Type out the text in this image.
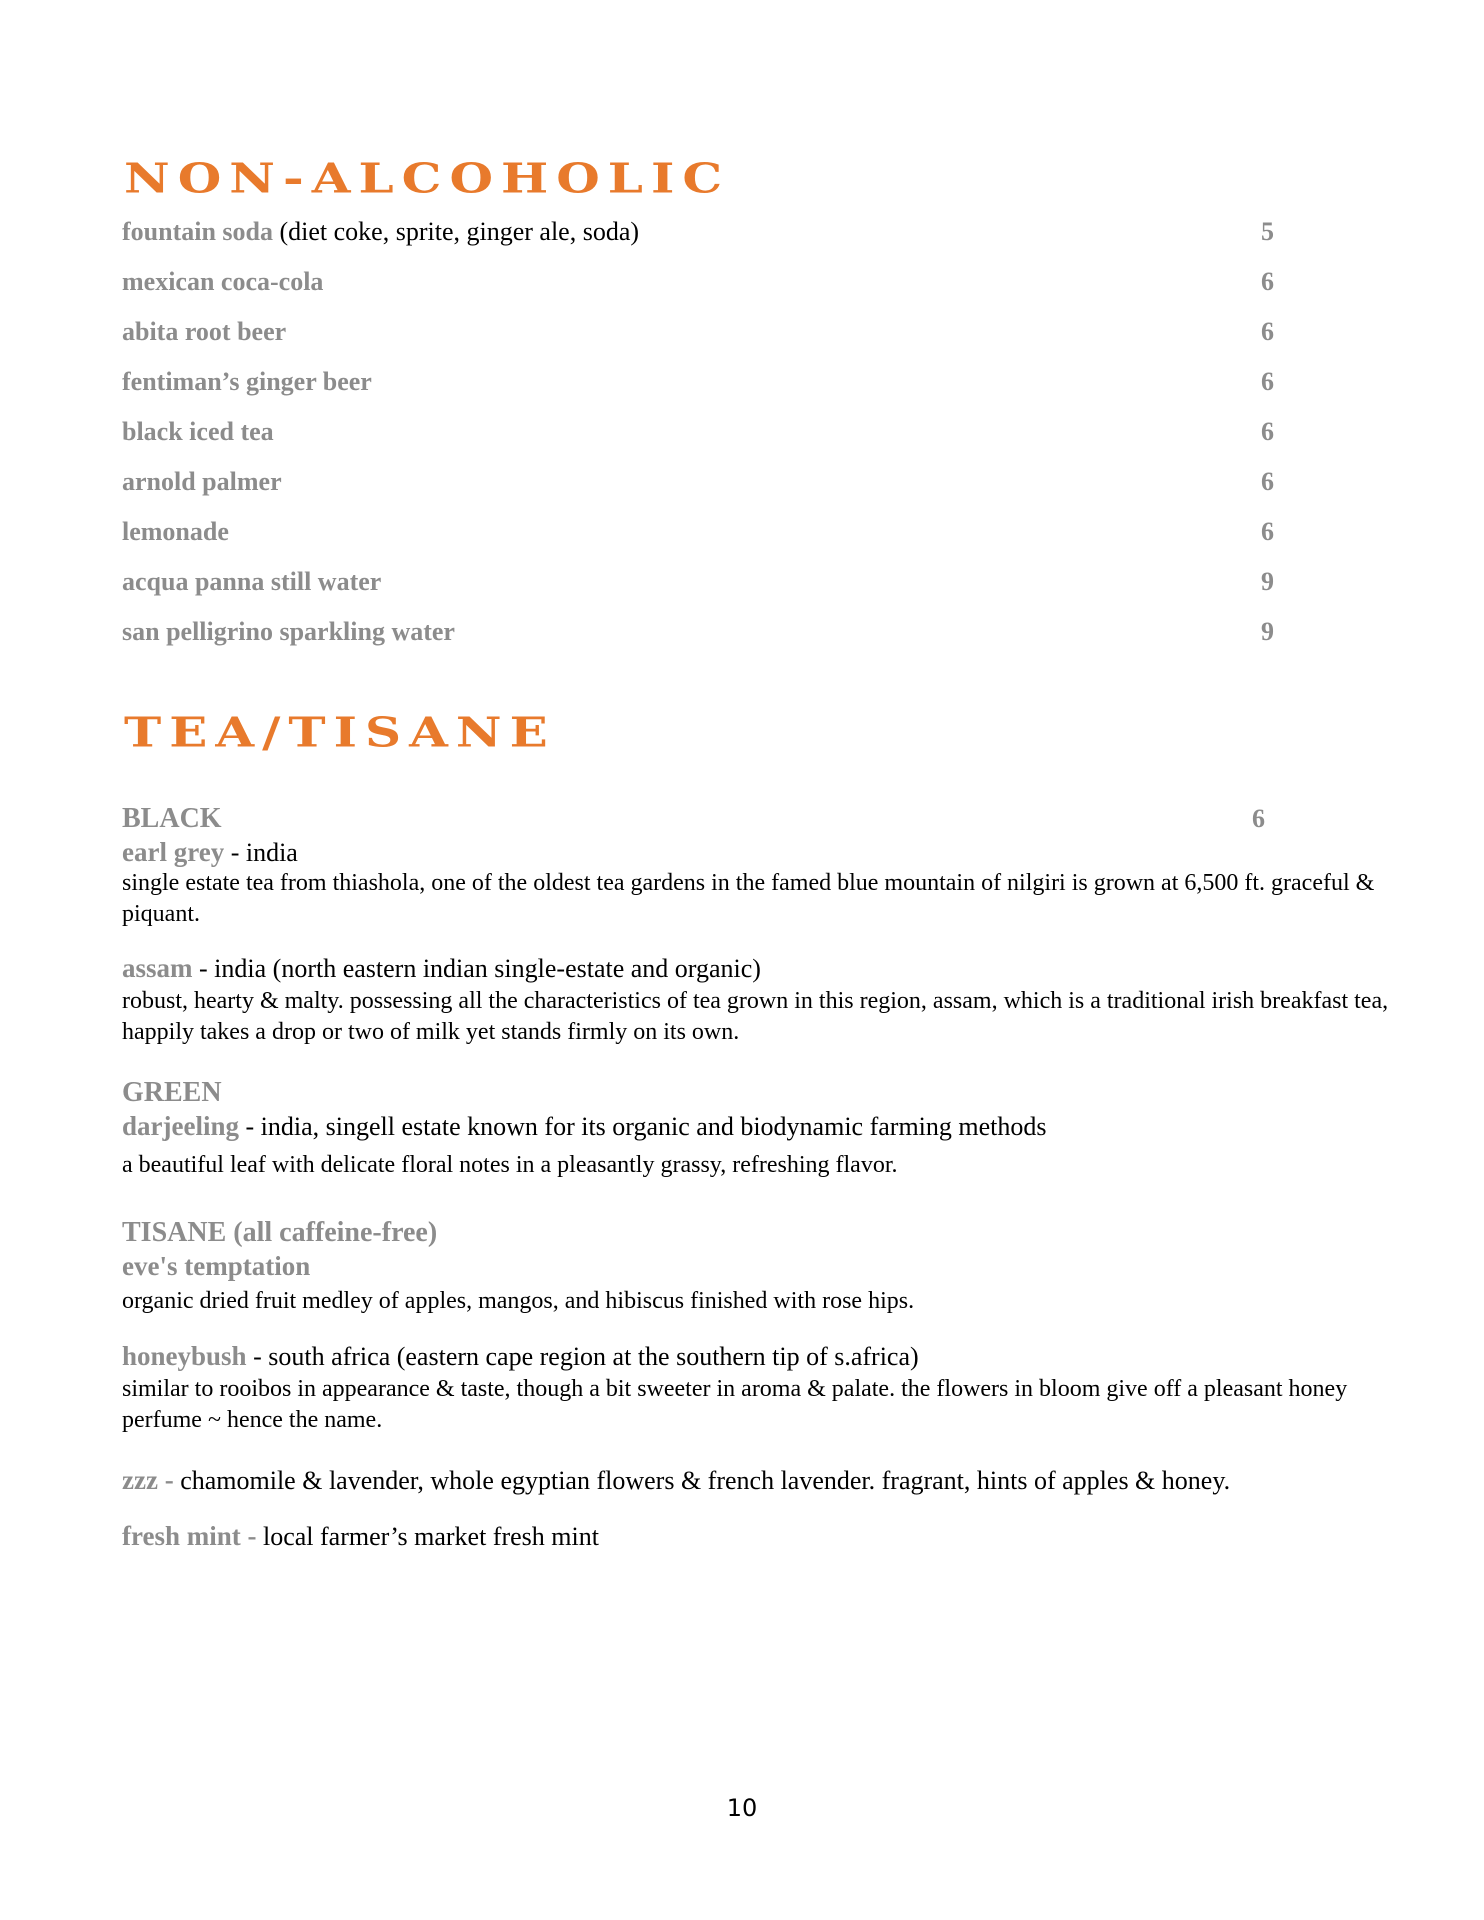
NON-ALCOHOLIC
fountain soda (diet coke, sprite, ginger ale, soda)	5
mexican coca-cola	6
abita root beer	6
fentiman’s ginger beer	6
black iced tea	6
arnold palmer	6
lemonade	6
acqua panna still water	9
san pelligrino sparkling water	9
TEA/TISANE
BLACK	6
earl grey - india

single estate tea from thiashola, one of the oldest tea gardens in the famed blue mountain of nilgiri is grown at 6,500 ft. graceful & piquant.

assam - india (north eastern indian single-estate and organic)

robust, hearty & malty. possessing all the characteristics of tea grown in this region, assam, which is a traditional irish breakfast tea, happily takes a drop or two of milk yet stands firmly on its own.

GREEN
darjeeling - india, singell estate known for its organic and biodynamic farming methods

a beautiful leaf with delicate floral notes in a pleasantly grassy, refreshing flavor.

TISANE (all caffeine-free)
eve's temptation

organic dried fruit medley of apples, mangos, and hibiscus finished with rose hips.

honeybush - south africa (eastern cape region at the southern tip of s.africa)

similar to rooibos in appearance & taste, though a bit sweeter in aroma & palate. the flowers in bloom give off a pleasant honey perfume ~ hence the name.

zzz - chamomile & lavender, whole egyptian flowers & french lavender. fragrant, hints of apples & honey.
fresh mint - local farmer’s market fresh mint
10
